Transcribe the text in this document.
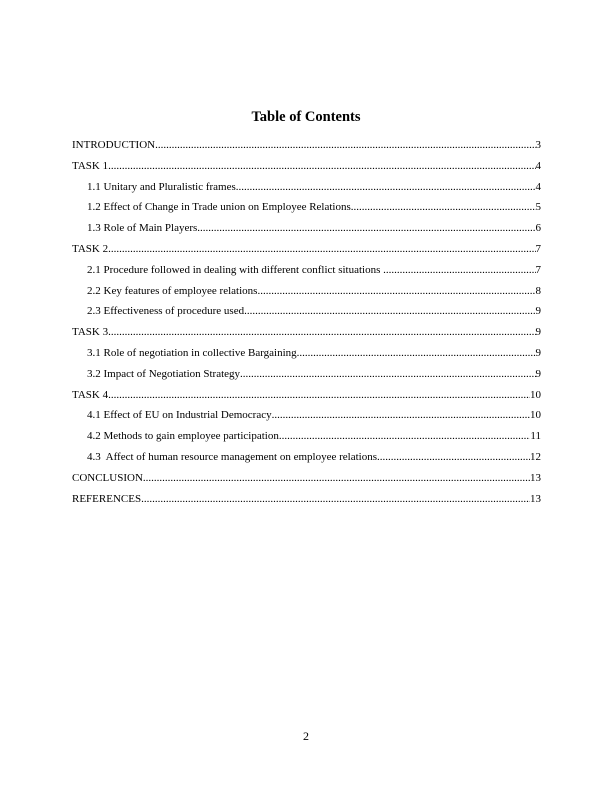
Table of Contents
INTRODUCTION .....	3
TASK 1 .....	4
1.1 Unitary and Pluralistic frames .....	4
1.2 Effect of Change in Trade union on Employee Relations .....	5
1.3 Role of Main Players .....	6
TASK 2 .....	7
2.1 Procedure followed in dealing with different conflict situations .....	7
2.2 Key features of employee relations .....	8
2.3 Effectiveness of procedure used .....	9
TASK 3 .....	9
3.1 Role of negotiation in collective Bargaining .....	9
3.2 Impact of Negotiation Strategy .....	9
TASK 4 .....	10
4.1 Effect of EU on Industrial Democracy .....	10
4.2 Methods to gain employee participation .....	11
4.3  Affect of human resource management on employee relations .....	12
CONCLUSION .....	13
REFERENCES .....	13
2
